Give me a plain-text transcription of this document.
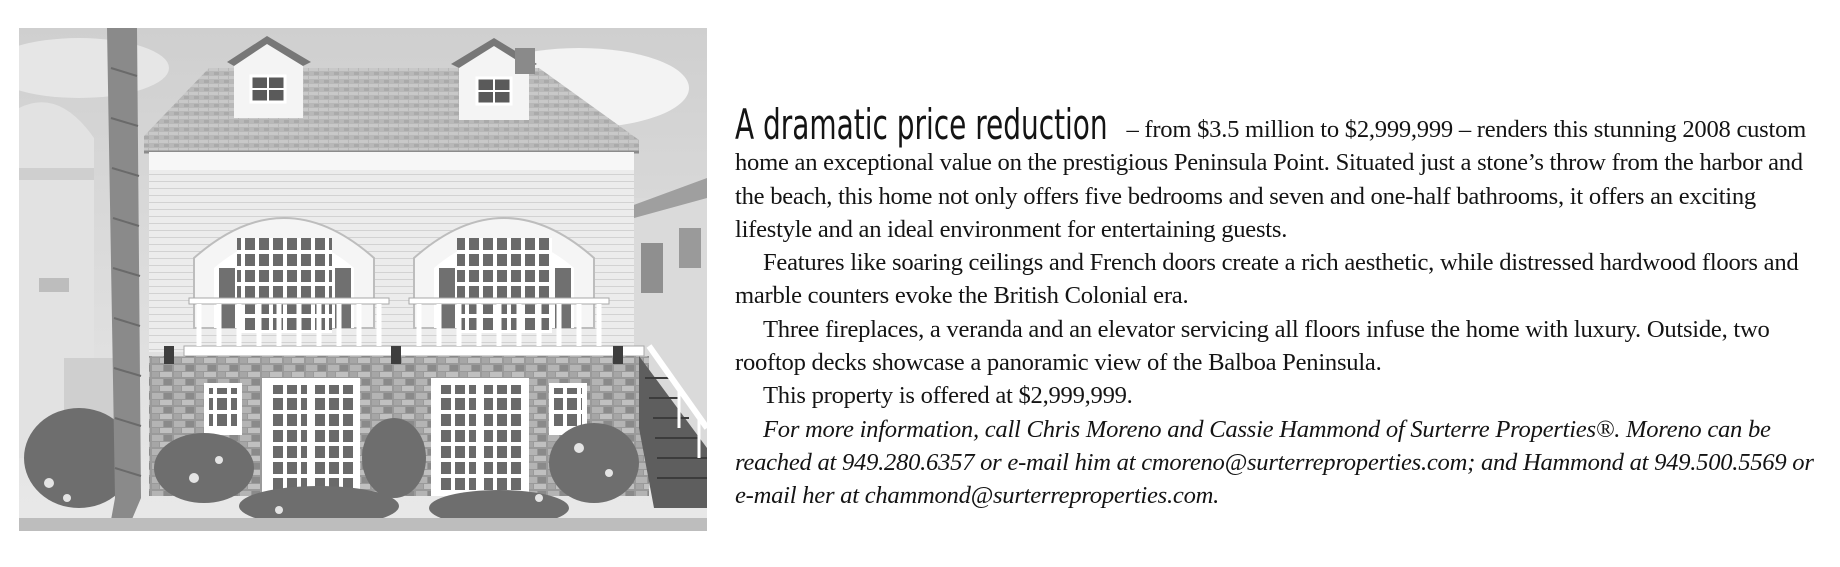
A dramatic price reduction – from $3.5 million to $2,999,999 – renders this stunning 2008 custom home an exceptional value on the prestigious Peninsula Point. Situated just a stone’s throw from the harbor and the beach, this home not only offers five bedrooms and seven and one-half bathrooms, it offers an exciting lifestyle and an ideal environment for entertaining guests.

Features like soaring ceilings and French doors create a rich aesthetic, while distressed hardwood floors and marble counters evoke the British Colonial era.

Three fireplaces, a veranda and an elevator servicing all floors infuse the home with luxury. Outside, two rooftop decks showcase a panoramic view of the Balboa Peninsula.

This property is offered at $2,999,999.

For more information, call Chris Moreno and Cassie Hammond of Surterre Properties®. Moreno can be reached at 949.280.6357 or e-mail him at cmoreno@surterreproperties.com; and Hammond at 949.500.5569 or e-mail her at chammond@surterreproperties.com.
